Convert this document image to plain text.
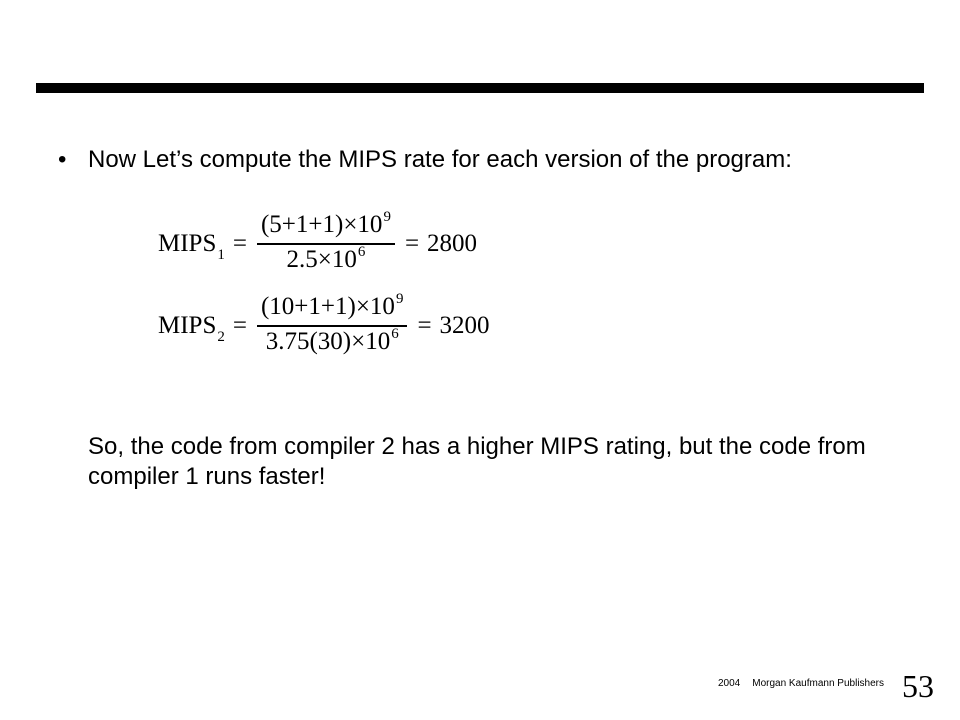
• Now Let’s compute the MIPS rate for each version of the program:
MIPS $1 = \frac{(5+1+1)\times 10 9}{2.5\times 10 6} = 2800$
MIPS $2 = \frac{(10+1+1)\times 10 9}{3.75(30)\times 10 6} = 3200$
So, the code from compiler 2 has a higher MIPS rating, but the code from compiler 1 runs faster!
2004 Morgan Kaufmann Publishers 53
